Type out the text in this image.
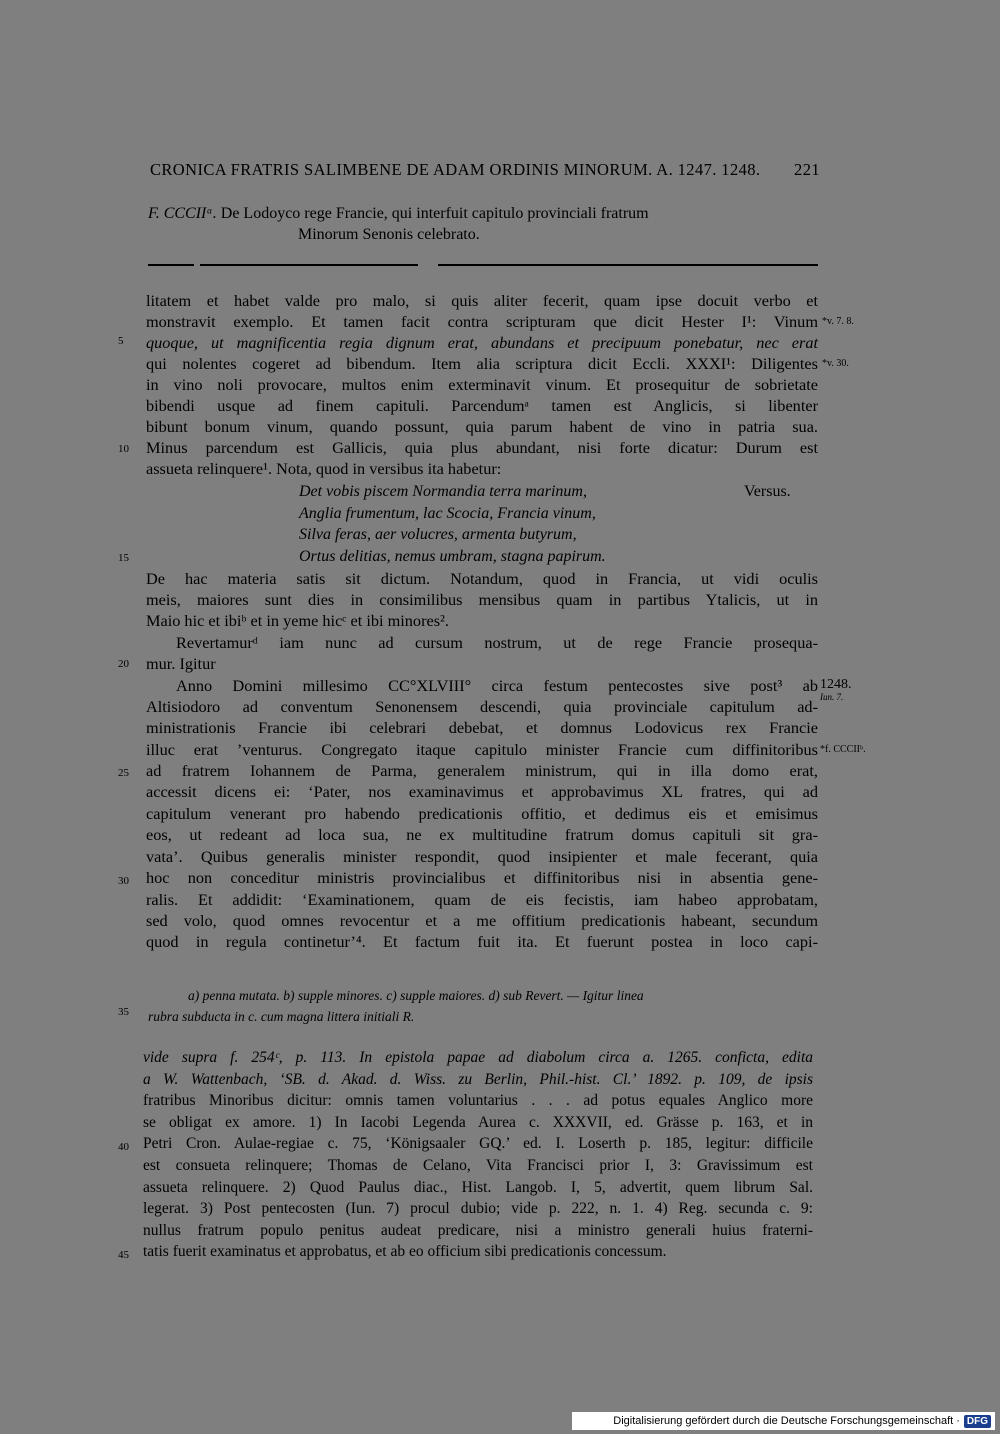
CRONICA FRATRIS SALIMBENE DE ADAM ORDINIS MINORUM. A. 1247. 1248. 221
F. CCCIIᵃ. De Lodoyco rege Francie, qui interfuit capitulo provinciali fratrum
Minorum Senonis celebrato.
litatem et habet valde pro malo, si quis aliter fecerit, quam ipse docuit verbo et
monstravit exemplo. Et tamen facit contra scripturam que dicit Hester I¹: Vinum
quoque, ut magnificentia regia dignum erat, abundans et precipuum ponebatur, nec erat
qui nolentes cogeret ad bibendum. Item alia scriptura dicit Eccli. XXXI¹: Diligentes
in vino noli provocare, multos enim exterminavit vinum. Et prosequitur de sobrietate
bibendi usque ad finem capituli. Parcendumᵃ tamen est Anglicis, si libenter
bibunt bonum vinum, quando possunt, quia parum habent de vino in patria sua.
Minus parcendum est Gallicis, quia plus abundant, nisi forte dicatur: Durum est
assueta relinquere¹. Nota, quod in versibus ita habetur:
Det vobis piscem Normandia terra marinum,
Anglia frumentum, lac Scocia, Francia vinum,
Silva feras, aer volucres, armenta butyrum,
Ortus delitias, nemus umbram, stagna papirum.
Versus.
De hac materia satis sit dictum. Notandum, quod in Francia, ut vidi oculis
meis, maiores sunt dies in consimilibus mensibus quam in partibus Ytalicis, ut in
Maio hic et ibiᵇ et in yeme hicᶜ et ibi minores².
Revertamurᵈ iam nunc ad cursum nostrum, ut de rege Francie prosequa-
mur. Igitur
Anno Domini millesimo CC°XLVIII° circa festum pentecostes sive post³ ab
Altisiodoro ad conventum Senonensem descendi, quia provinciale capitulum ad-
ministrationis Francie ibi celebrari debebat, et domnus Lodovicus rex Francie
illuc erat ’venturus. Congregato itaque capitulo minister Francie cum diffinitoribus
ad fratrem Iohannem de Parma, generalem ministrum, qui in illa domo erat,
accessit dicens ei: ‘Pater, nos examinavimus et approbavimus XL fratres, qui ad
capitulum venerant pro habendo predicationis offitio, et dedimus eis et emisimus
eos, ut redeant ad loca sua, ne ex multitudine fratrum domus capituli sit gra-
vata’. Quibus generalis minister respondit, quod insipienter et male fecerant, quia
hoc non conceditur ministris provincialibus et diffinitoribus nisi in absentia gene-
ralis. Et addidit: ‘Examinationem, quam de eis fecistis, iam habeo approbatam,
sed volo, quod omnes revocentur et a me offitium predicationis habeant, secundum
quod in regula continetur’⁴. Et factum fuit ita. Et fuerunt postea in loco capi-
5
10
15
20
25
30
35
40
45
*v. 7. 8.
*v. 30.
1248.
Iun. 7.
*f. CCCIIᵇ.
a) penna mutata. b) supple minores. c) supple maiores. d) sub Revert. — Igitur linea
rubra subducta in c. cum magna littera initiali R.
vide supra f. 254ᶜ, p. 113. In epistola papae ad diabolum circa a. 1265. conficta, edita
a W. Wattenbach, ‘SB. d. Akad. d. Wiss. zu Berlin, Phil.-hist. Cl.’ 1892. p. 109, de ipsis
fratribus Minoribus dicitur: omnis tamen voluntarius . . . ad potus equales Anglico more
se obligat ex amore. 1) In Iacobi Legenda Aurea c. XXXVII, ed. Grässe p. 163, et in
Petri Cron. Aulae-regiae c. 75, ‘Königsaaler GQ.’ ed. I. Loserth p. 185, legitur: difficile
est consueta relinquere; Thomas de Celano, Vita Francisci prior I, 3: Gravissimum est
assueta relinquere. 2) Quod Paulus diac., Hist. Langob. I, 5, advertit, quem librum Sal.
legerat. 3) Post pentecosten (Iun. 7) procul dubio; vide p. 222, n. 1. 4) Reg. secunda c. 9:
nullus fratrum populo penitus audeat predicare, nisi a ministro generali huius fraterni-
tatis fuerit examinatus et approbatus, et ab eo officium sibi predicationis concessum.
Digitalisierung gefördert durch die Deutsche Forschungsgemeinschaft · DFG
